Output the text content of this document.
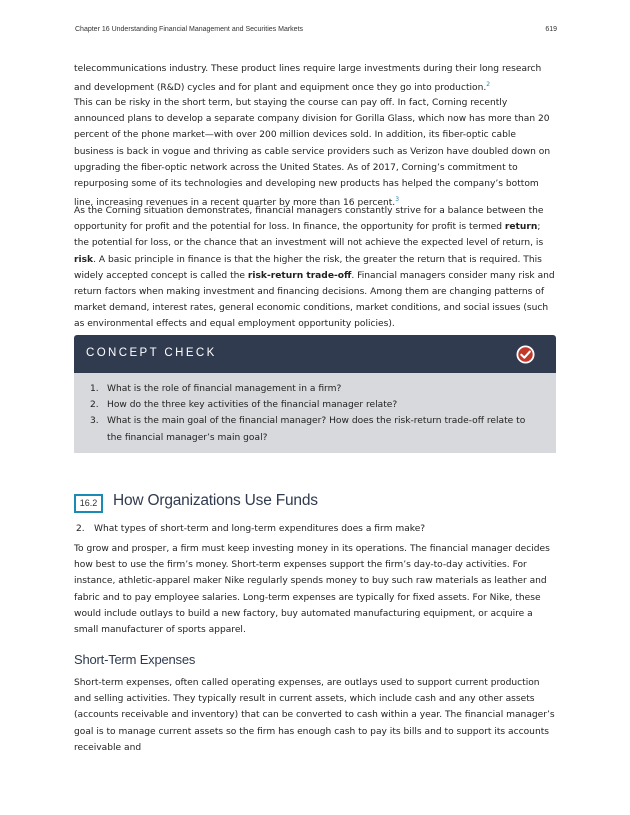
Chapter 16 Understanding Financial Management and Securities Markets	619

telecommunications industry. These product lines require large investments during their long research and development (R&D) cycles and for plant and equipment once they go into production.$^2$

This can be risky in the short term, but staying the course can pay off. In fact, Corning recently announced plans to develop a separate company division for Gorilla Glass, which now has more than 20 percent of the phone market—with over 200 million devices sold. In addition, its fiber-optic cable business is back in vogue and thriving as cable service providers such as Verizon have doubled down on upgrading the fiber-optic network across the United States. As of 2017, Corning’s commitment to repurposing some of its technologies and developing new products has helped the company’s bottom line, increasing revenues in a recent quarter by more than 16 percent.$^3$

As the Corning situation demonstrates, financial managers constantly strive for a balance between the opportunity for profit and the potential for loss. In finance, the opportunity for profit is termed return; the potential for loss, or the chance that an investment will not achieve the expected level of return, is risk. A basic principle in finance is that the higher the risk, the greater the return that is required. This widely accepted concept is called the risk-return trade-off. Financial managers consider many risk and return factors when making investment and financing decisions. Among them are changing patterns of market demand, interest rates, general economic conditions, market conditions, and social issues (such as environmental effects and equal employment opportunity policies).

CONCEPT CHECK
1. What is the role of financial management in a firm?
2. How do the three key activities of the financial manager relate?
3. What is the main goal of the financial manager? How does the risk-return trade-off relate to the financial manager’s main goal?
16.2	How Organizations Use Funds
2. What types of short-term and long-term expenditures does a firm make?

To grow and prosper, a firm must keep investing money in its operations. The financial manager decides how best to use the firm’s money. Short-term expenses support the firm’s day-to-day activities. For instance, athletic-apparel maker Nike regularly spends money to buy such raw materials as leather and fabric and to pay employee salaries. Long-term expenses are typically for fixed assets. For Nike, these would include outlays to build a new factory, buy automated manufacturing equipment, or acquire a small manufacturer of sports apparel.

Short-Term Expenses

Short-term expenses, often called operating expenses, are outlays used to support current production and selling activities. They typically result in current assets, which include cash and any other assets (accounts receivable and inventory) that can be converted to cash within a year. The financial manager’s goal is to manage current assets so the firm has enough cash to pay its bills and to support its accounts receivable and
